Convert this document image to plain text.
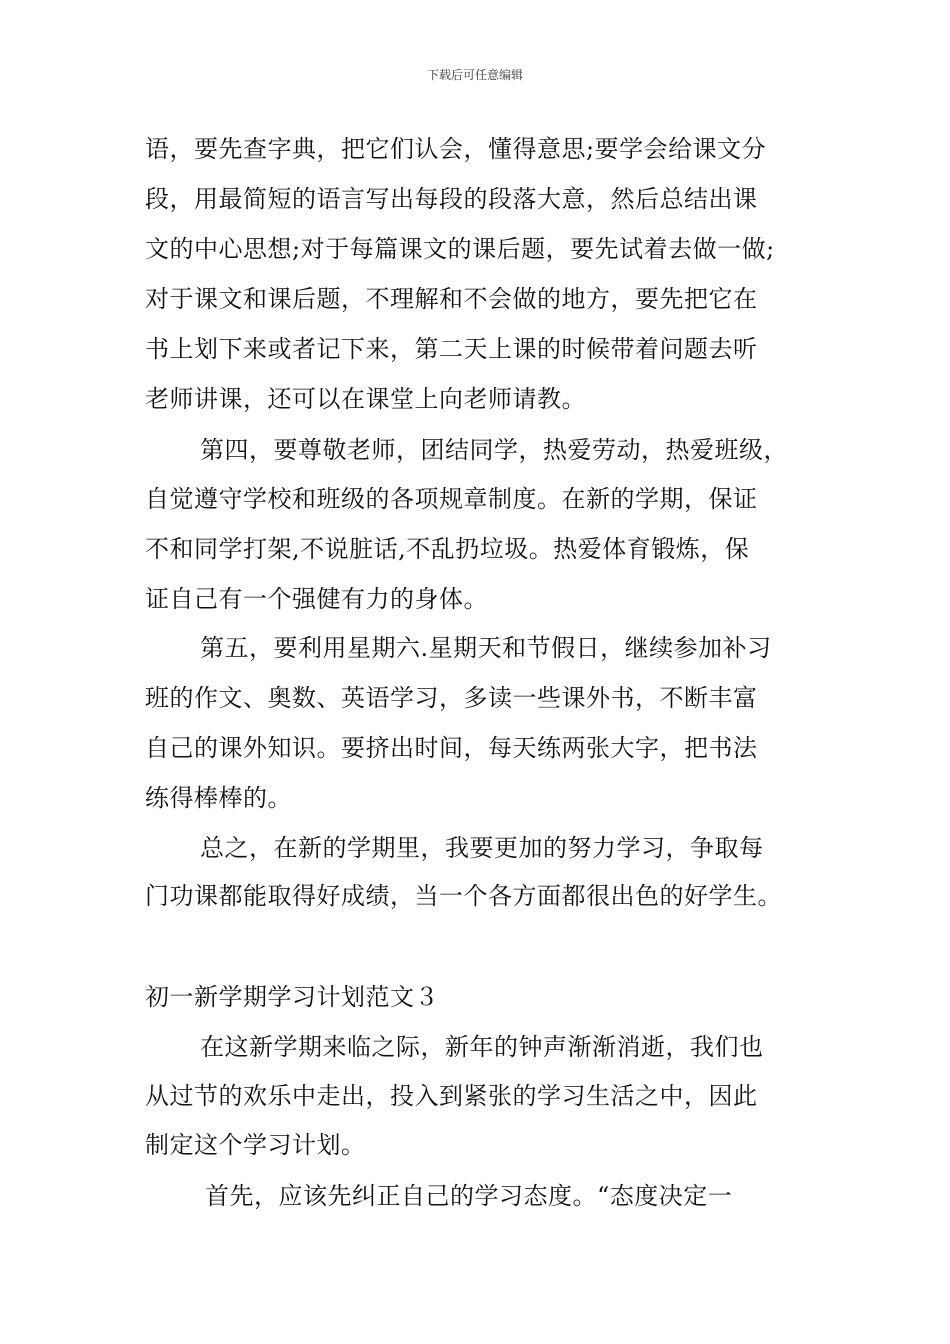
下载后可任意编辑
语，要先查字典，把它们认会，懂得意思;要学会给课文分
段，用最简短的语言写出每段的段落大意，然后总结出课
文的中心思想;对于每篇课文的课后题，要先试着去做一做;
对于课文和课后题，不理解和不会做的地方，要先把它在
书上划下来或者记下来，第二天上课的时候带着问题去听
老师讲课，还可以在课堂上向老师请教。
第四，要尊敬老师，团结同学，热爱劳动，热爱班级，
自觉遵守学校和班级的各项规章制度。在新的学期，保证
不和同学打架,不说脏话,不乱扔垃圾。热爱体育锻炼，保
证自己有一个强健有力的身体。
第五，要利用星期六.星期天和节假日，继续参加补习
班的作文、奥数、英语学习，多读一些课外书，不断丰富
自己的课外知识。要挤出时间，每天练两张大字，把书法
练得棒棒的。
总之，在新的学期里，我要更加的努力学习，争取每
门功课都能取得好成绩，当一个各方面都很出色的好学生。
初一新学期学习计划范文３
在这新学期来临之际，新年的钟声渐渐消逝，我们也
从过节的欢乐中走出，投入到紧张的学习生活之中，因此
制定这个学习计划。
首先，应该先纠正自己的学习态度。“态度决定一
